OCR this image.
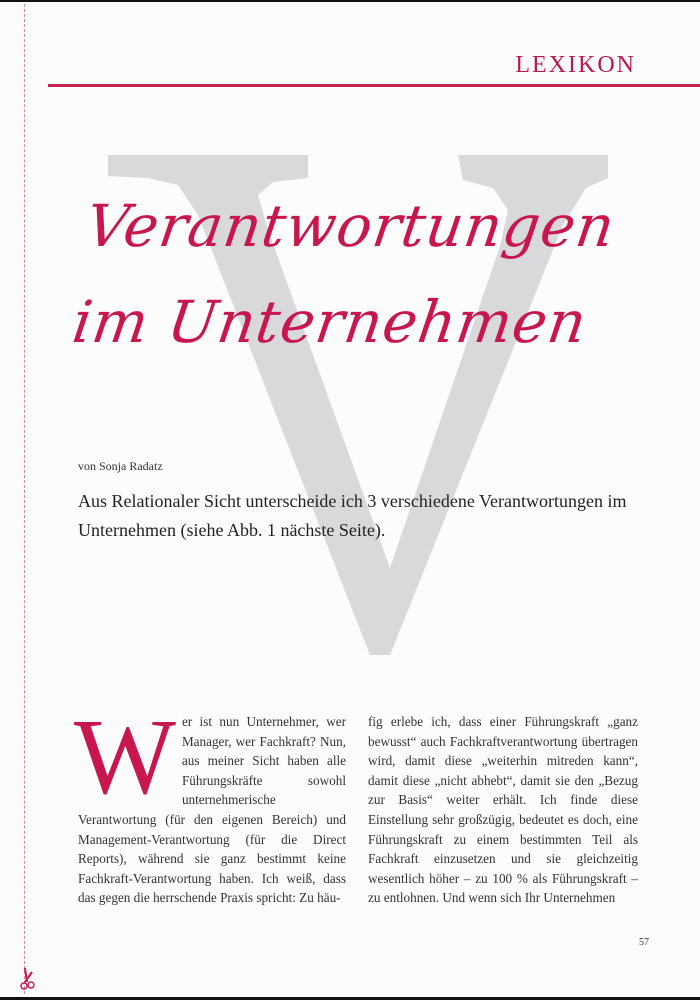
LEXIKON
Verantwortungen
im Unternehmen
von Sonja Radatz
Aus Relationaler Sicht unterscheide ich 3 verschiedene Verantwortungen im Unternehmen (siehe Abb. 1 nächste Seite).
W er ist nun Unternehmer, wer Manager, wer Fachkraft? Nun, aus meiner Sicht haben alle Führungskräfte sowohl unternehmerische Verantwortung (für den eigenen Bereich) und Management-Verantwortung (für die Direct Reports), während sie ganz bestimmt keine Fachkraft-Verantwortung haben. Ich weiß, dass das gegen die herrschende Praxis spricht: Zu häu-
fig erlebe ich, dass einer Führungskraft „ganz bewusst“ auch Fachkraftverantwortung übertragen wird, damit diese „weiterhin mitreden kann“, damit diese „nicht abhebt“, damit sie den „Bezug zur Basis“ weiter erhält. Ich finde diese Einstellung sehr großzügig, bedeutet es doch, eine Führungskraft zu einem bestimmten Teil als Fachkraft einzusetzen und sie gleichzeitig wesentlich höher – zu 100 % als Führungskraft – zu entlohnen. Und wenn sich Ihr Unternehmen
57
